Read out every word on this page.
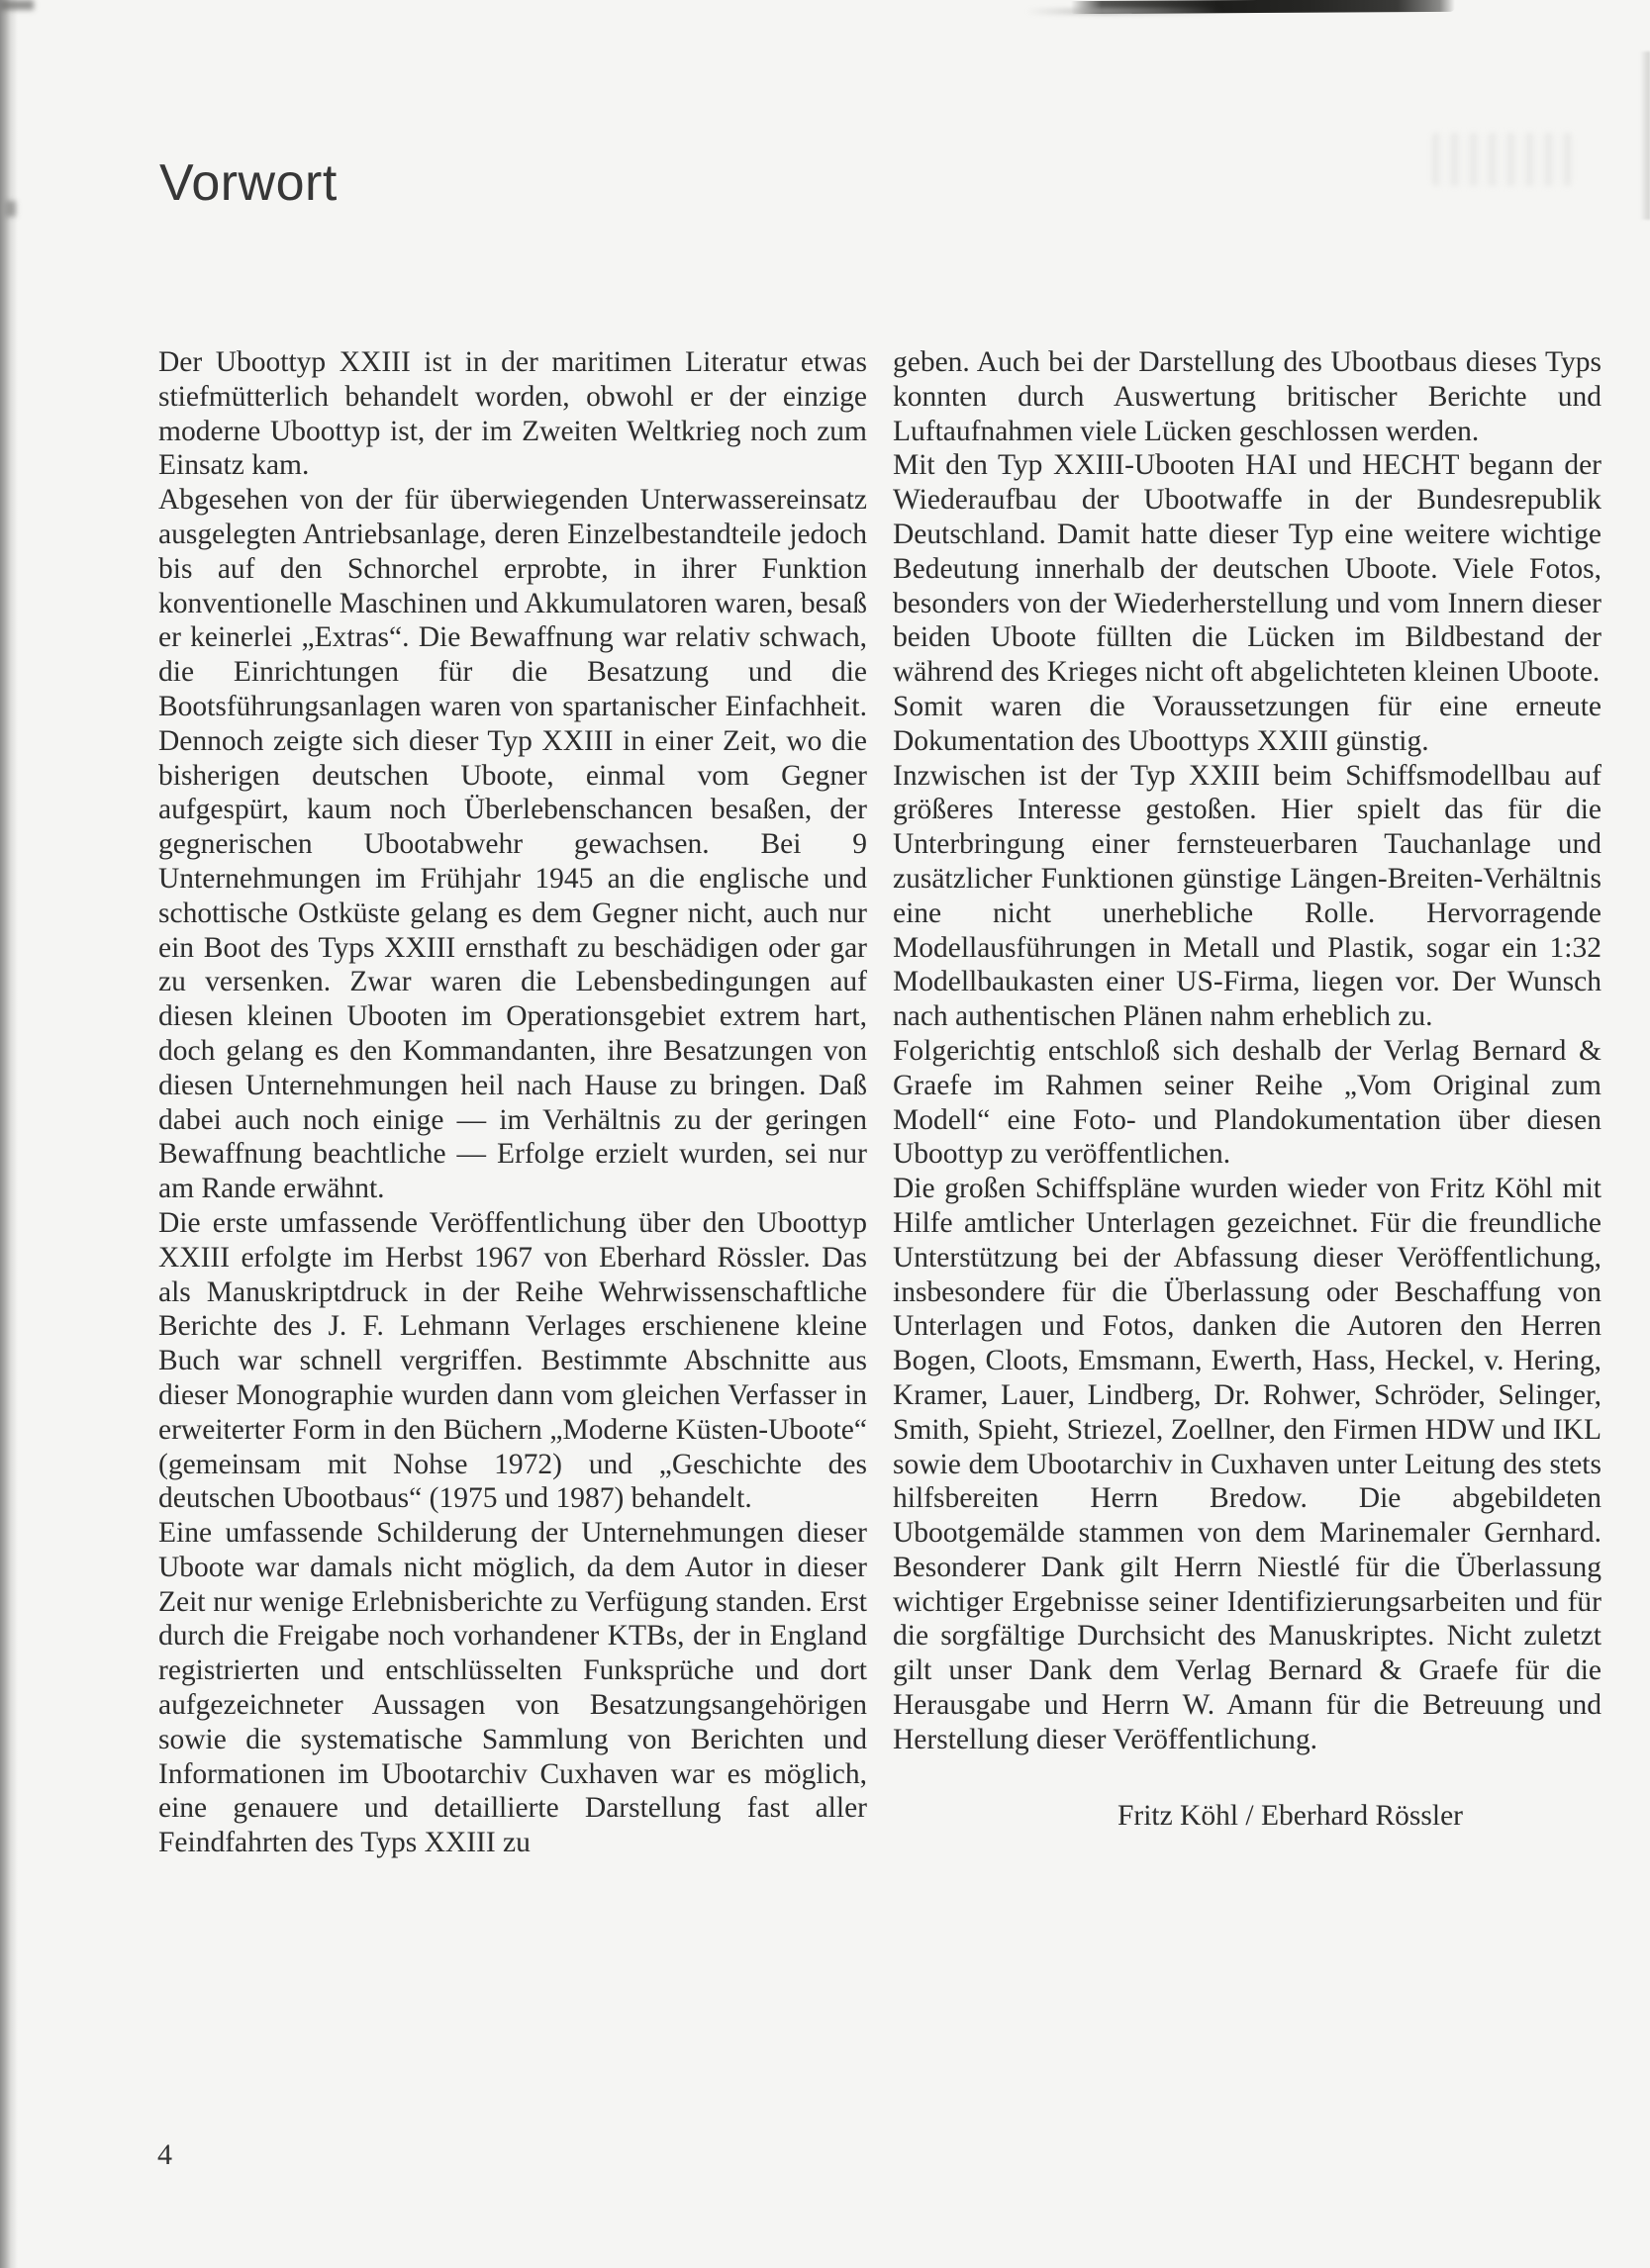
Vorwort

Der Uboottyp XXIII ist in der maritimen Literatur etwas stiefmütterlich behandelt worden, obwohl er der einzige moderne Uboottyp ist, der im Zweiten Weltkrieg noch zum Einsatz kam.

Abgesehen von der für überwiegenden Unterwassereinsatz ausgelegten Antriebsanlage, deren Einzelbestandteile jedoch bis auf den Schnorchel erprobte, in ihrer Funktion konventionelle Maschinen und Akkumulatoren waren, besaß er keinerlei „Extras“. Die Bewaffnung war relativ schwach, die Einrichtungen für die Besatzung und die Bootsführungsanlagen waren von spartanischer Einfachheit. Dennoch zeigte sich dieser Typ XXIII in einer Zeit, wo die bisherigen deutschen Uboote, einmal vom Gegner aufgespürt, kaum noch Überlebenschancen besaßen, der gegnerischen Ubootabwehr gewachsen. Bei 9 Unternehmungen im Frühjahr 1945 an die englische und schottische Ostküste gelang es dem Gegner nicht, auch nur ein Boot des Typs XXIII ernsthaft zu beschädigen oder gar zu versenken. Zwar waren die Lebensbedingungen auf diesen kleinen Ubooten im Operationsgebiet extrem hart, doch gelang es den Kommandanten, ihre Besatzungen von diesen Unternehmungen heil nach Hause zu bringen. Daß dabei auch noch einige — im Verhältnis zu der geringen Bewaffnung beachtliche — Erfolge erzielt wurden, sei nur am Rande erwähnt.

Die erste umfassende Veröffentlichung über den Uboottyp XXIII erfolgte im Herbst 1967 von Eberhard Rössler. Das als Manuskriptdruck in der Reihe Wehrwissenschaftliche Berichte des J. F. Lehmann Verlages erschienene kleine Buch war schnell vergriffen. Bestimmte Abschnitte aus dieser Monographie wurden dann vom gleichen Verfasser in erweiterter Form in den Büchern „Moderne Küsten-Uboote“ (gemeinsam mit Nohse 1972) und „Geschichte des deutschen Ubootbaus“ (1975 und 1987) behandelt.

Eine umfassende Schilderung der Unternehmungen dieser Uboote war damals nicht möglich, da dem Autor in dieser Zeit nur wenige Erlebnisberichte zu Verfügung standen. Erst durch die Freigabe noch vorhandener KTBs, der in England registrierten und entschlüsselten Funksprüche und dort aufgezeichneter Aussagen von Besatzungsangehörigen sowie die systematische Sammlung von Berichten und Informationen im Ubootarchiv Cuxhaven war es möglich, eine genauere und detaillierte Darstellung fast aller Feindfahrten des Typs XXIII zu

geben. Auch bei der Darstellung des Ubootbaus dieses Typs konnten durch Auswertung britischer Berichte und Luftaufnahmen viele Lücken geschlossen werden.

Mit den Typ XXIII-Ubooten HAI und HECHT begann der Wiederaufbau der Ubootwaffe in der Bundesrepublik Deutschland. Damit hatte dieser Typ eine weitere wichtige Bedeutung innerhalb der deutschen Uboote. Viele Fotos, besonders von der Wiederherstellung und vom Innern dieser beiden Uboote füllten die Lücken im Bildbestand der während des Krieges nicht oft abgelichteten kleinen Uboote.

Somit waren die Voraussetzungen für eine erneute Dokumentation des Uboottyps XXIII günstig.

Inzwischen ist der Typ XXIII beim Schiffsmodellbau auf größeres Interesse gestoßen. Hier spielt das für die Unterbringung einer fernsteuerbaren Tauchanlage und zusätzlicher Funktionen günstige Längen-Breiten-Verhältnis eine nicht unerhebliche Rolle. Hervorragende Modellausführungen in Metall und Plastik, sogar ein 1:32 Modellbaukasten einer US-Firma, liegen vor. Der Wunsch nach authentischen Plänen nahm erheblich zu.

Folgerichtig entschloß sich deshalb der Verlag Bernard & Graefe im Rahmen seiner Reihe „Vom Original zum Modell“ eine Foto- und Plandokumentation über diesen Uboottyp zu veröffentlichen.

Die großen Schiffspläne wurden wieder von Fritz Köhl mit Hilfe amtlicher Unterlagen gezeichnet. Für die freundliche Unterstützung bei der Abfassung dieser Veröffentlichung, insbesondere für die Überlassung oder Beschaffung von Unterlagen und Fotos, danken die Autoren den Herren Bogen, Cloots, Emsmann, Ewerth, Hass, Heckel, v. Hering, Kramer, Lauer, Lindberg, Dr. Rohwer, Schröder, Selinger, Smith, Spieht, Striezel, Zoellner, den Firmen HDW und IKL sowie dem Ubootarchiv in Cuxhaven unter Leitung des stets hilfsbereiten Herrn Bredow. Die abgebildeten Ubootgemälde stammen von dem Marinemaler Gernhard. Besonderer Dank gilt Herrn Niestlé für die Überlassung wichtiger Ergebnisse seiner Identifizierungsarbeiten und für die sorgfältige Durchsicht des Manuskriptes. Nicht zuletzt gilt unser Dank dem Verlag Bernard & Graefe für die Herausgabe und Herrn W. Amann für die Betreuung und Herstellung dieser Veröffentlichung.

Fritz Köhl / Eberhard Rössler
4
